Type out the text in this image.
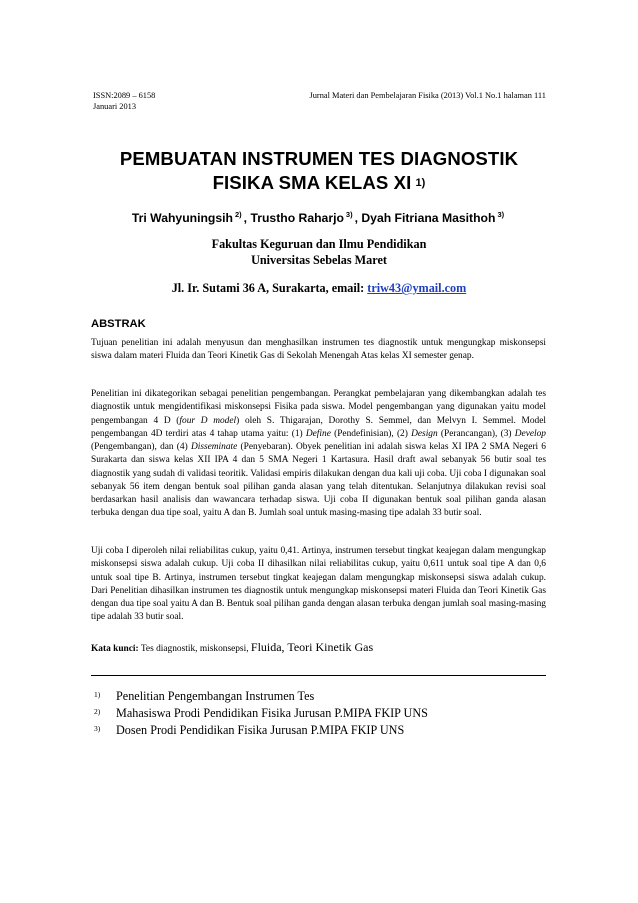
ISSN:2089 – 6158
Januari 2013
Jurnal Materi dan Pembelajaran Fisika (2013) Vol.1 No.1 halaman 111
PEMBUATAN INSTRUMEN TES DIAGNOSTIK
FISIKA SMA KELAS XI $^{1)}$
Tri Wahyuningsih $^{2)}$ , Trustho Raharjo $^{3)}$ , Dyah Fitriana Masithoh $^{3)}$
Fakultas Keguruan dan Ilmu Pendidikan
Universitas Sebelas Maret
Jl. Ir. Sutami 36 A, Surakarta, email: triw43@ymail.com
ABSTRAK
Tujuan penelitian ini adalah menyusun dan menghasilkan instrumen tes diagnostik untuk mengungkap miskonsepsi siswa dalam materi Fluida dan Teori Kinetik Gas di Sekolah Menengah Atas kelas XI semester genap.
Penelitian ini dikategorikan sebagai penelitian pengembangan. Perangkat pembelajaran yang dikembangkan adalah tes diagnostik untuk mengidentifikasi miskonsepsi Fisika pada siswa. Model pengembangan yang digunakan yaitu model pengembangan 4 D (four D model) oleh S. Thigarajan, Dorothy S. Semmel, dan Melvyn I. Semmel. Model pengembangan 4D terdiri atas 4 tahap utama yaitu: (1) Define (Pendefinisian), (2) Design (Perancangan), (3) Develop (Pengembangan), dan (4) Disseminate (Penyebaran). Obyek penelitian ini adalah siswa kelas XI IPA 2 SMA Negeri 6 Surakarta dan siswa kelas XII IPA 4 dan 5 SMA Negeri 1 Kartasura. Hasil draft awal sebanyak 56 butir soal tes diagnostik yang sudah di validasi teoritik. Validasi empiris dilakukan dengan dua kali uji coba. Uji coba I digunakan soal sebanyak 56 item dengan bentuk soal pilihan ganda alasan yang telah ditentukan. Selanjutnya dilakukan revisi soal berdasarkan hasil analisis dan wawancara terhadap siswa. Uji coba II digunakan bentuk soal pilihan ganda alasan terbuka dengan dua tipe soal, yaitu A dan B. Jumlah soal untuk masing-masing tipe adalah 33 butir soal.
Uji coba I diperoleh nilai reliabilitas cukup, yaitu 0,41. Artinya, instrumen tersebut tingkat keajegan dalam mengungkap miskonsepsi siswa adalah cukup. Uji coba II dihasilkan nilai reliabilitas cukup, yaitu 0,611 untuk soal tipe A dan 0,6 untuk soal tipe B. Artinya, instrumen tersebut tingkat keajegan dalam mengungkap miskonsepsi siswa adalah cukup. Dari Penelitian dihasilkan instrumen tes diagnostik untuk mengungkap miskonsepsi materi Fluida dan Teori Kinetik Gas dengan dua tipe soal yaitu A dan B. Bentuk soal pilihan ganda dengan alasan terbuka dengan jumlah soal masing-masing tipe adalah 33 butir soal.
Kata kunci: Tes diagnostik, miskonsepsi, Fluida, Teori Kinetik Gas
1) Penelitian Pengembangan Instrumen Tes
2) Mahasiswa Prodi Pendidikan Fisika Jurusan P.MIPA FKIP UNS
3) Dosen Prodi Pendidikan Fisika Jurusan P.MIPA FKIP UNS
